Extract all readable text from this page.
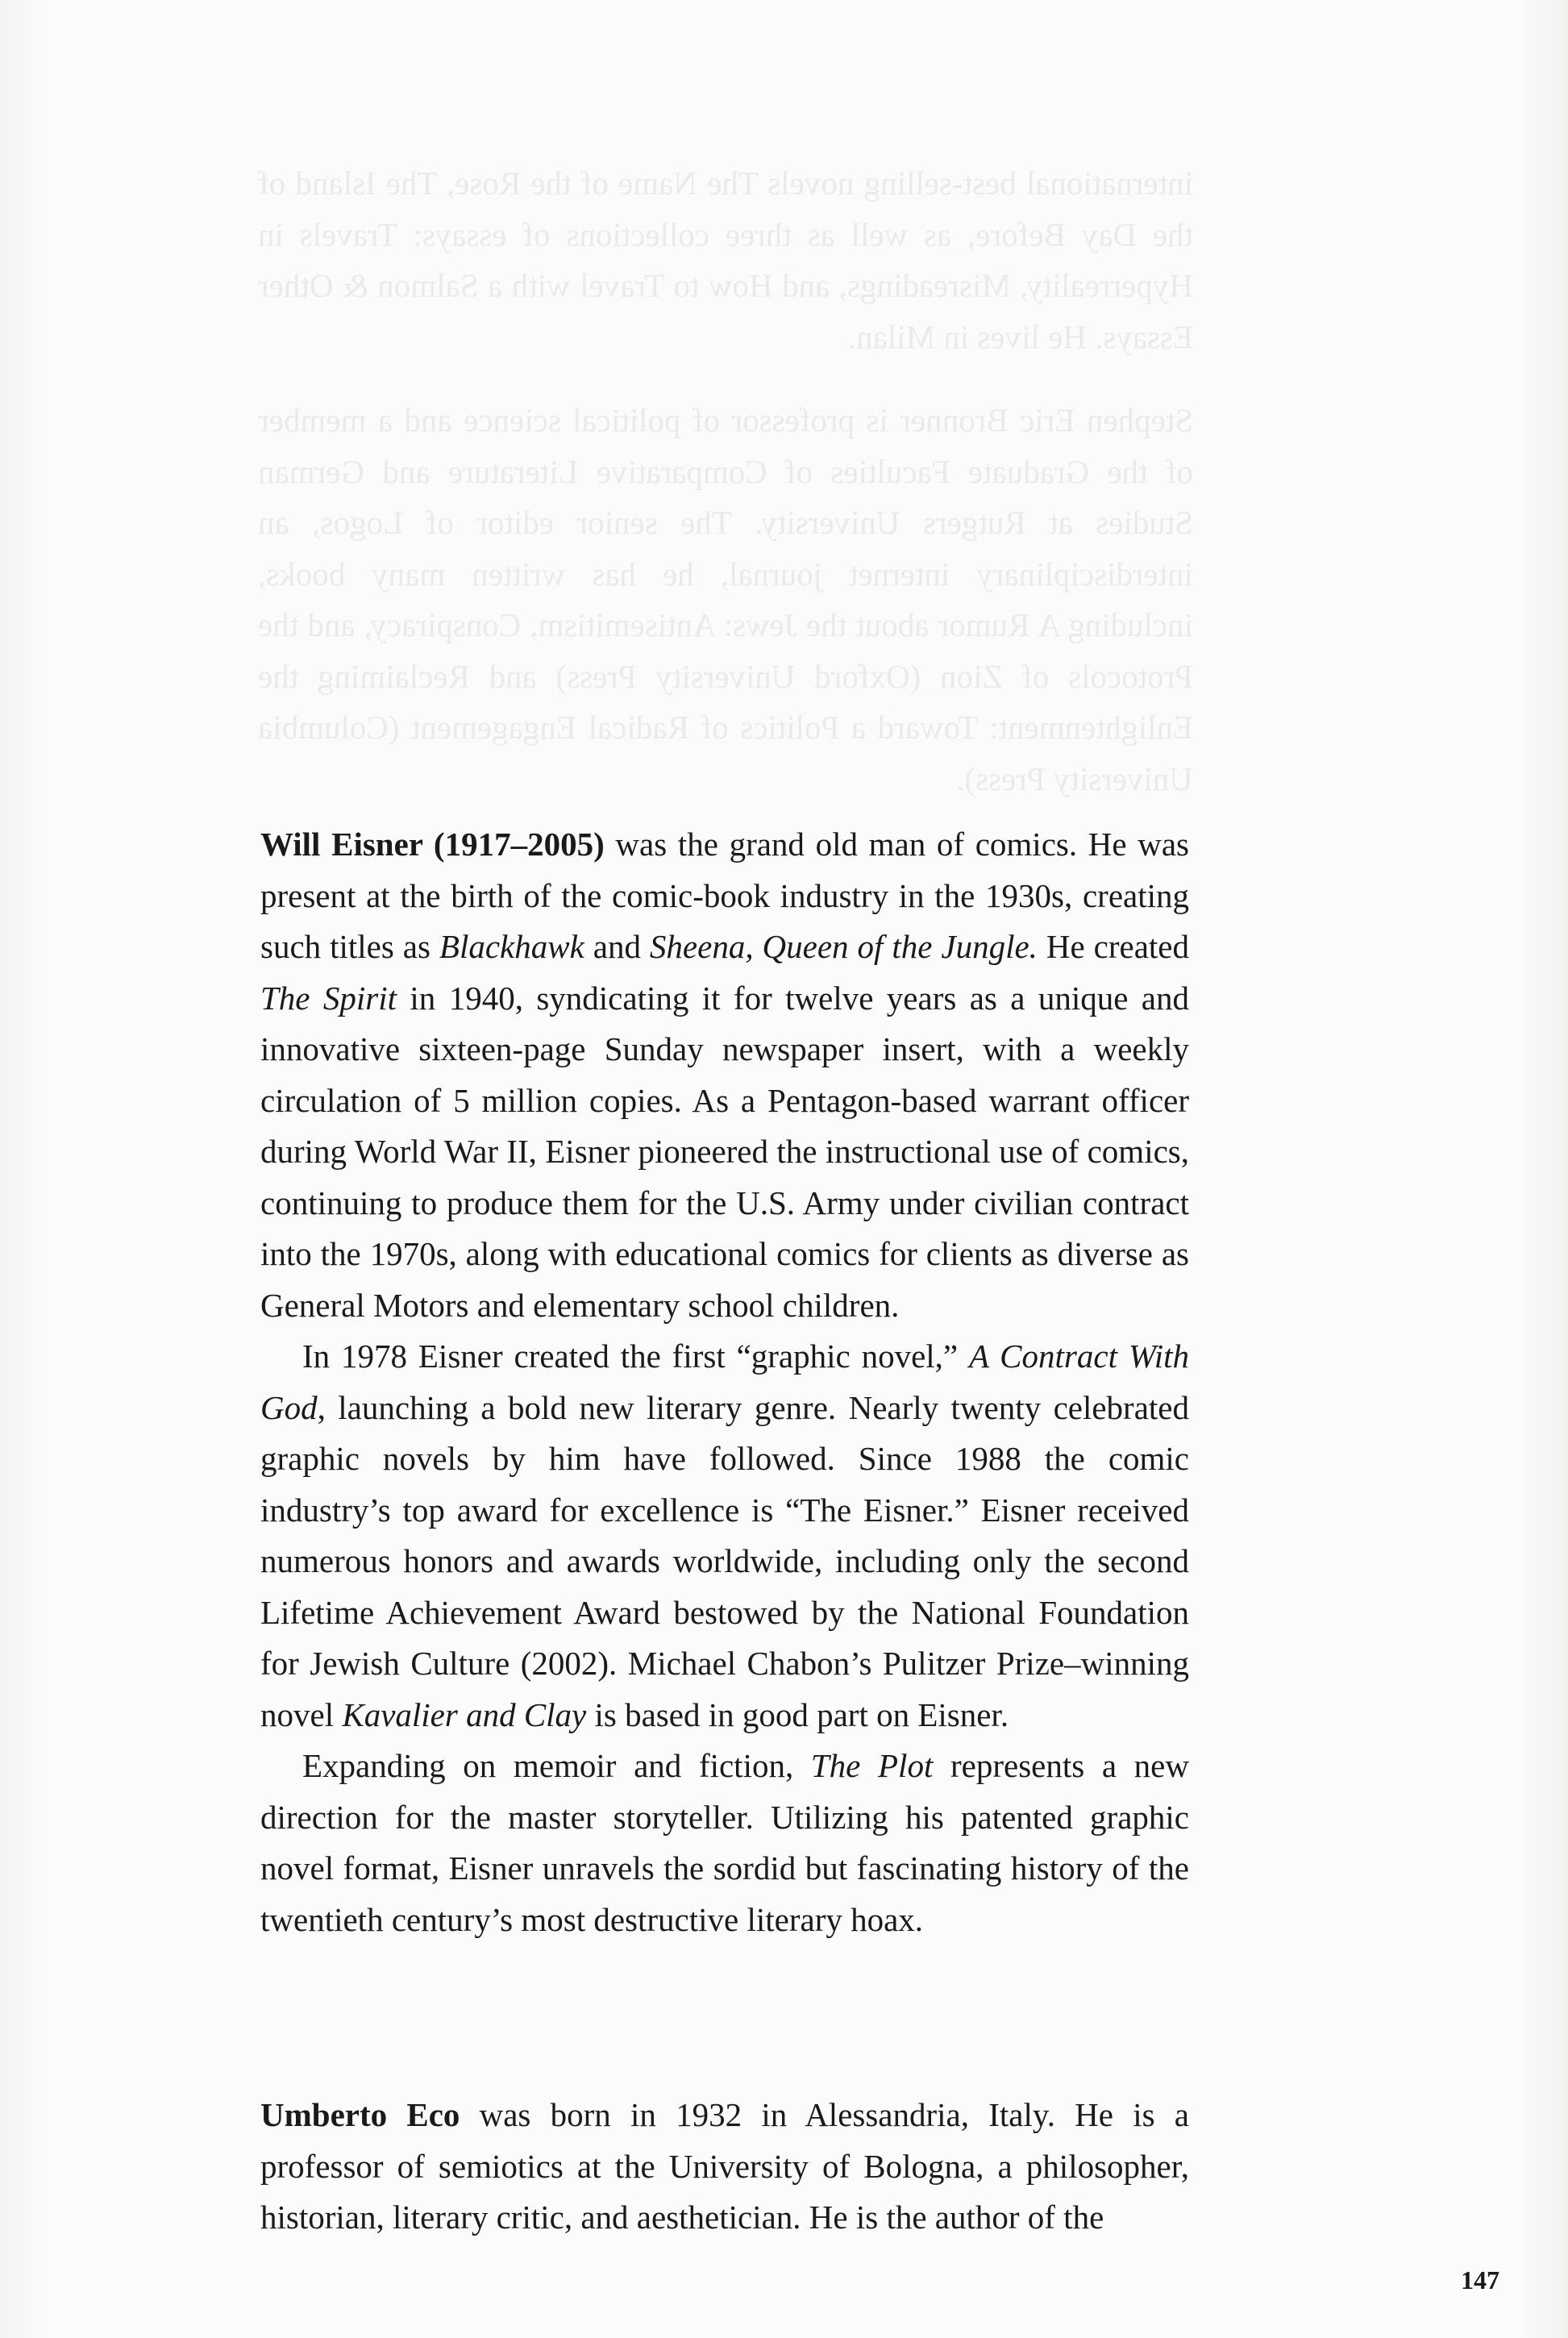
international best-selling novels The Name of the Rose, The Island of the Day Before, as well as three collections of essays: Travels in Hyperreality, Misreadings, and How to Travel with a Salmon & Other Essays. He lives in Milan.

Stephen Eric Bronner is professor of political science and a member of the Graduate Faculties of Comparative Literature and German Studies at Rutgers University. The senior editor of Logos, an interdisciplinary internet journal, he has written many books, including A Rumor about the Jews: Antisemitism, Conspiracy, and the Protocols of Zion (Oxford University Press) and Reclaiming the Enlightenment: Toward a Politics of Radical Engagement (Columbia University Press).

Will Eisner (1917–2005) was the grand old man of comics. He was present at the birth of the comic-book industry in the 1930s, creating such titles as Blackhawk and Sheena, Queen of the Jungle. He created The Spirit in 1940, syndicating it for twelve years as a unique and innovative sixteen-page Sunday newspaper insert, with a weekly circulation of 5 million copies. As a Pentagon-based warrant officer during World War II, Eisner pioneered the instructional use of comics, continuing to produce them for the U.S. Army under civilian contract into the 1970s, along with educational comics for clients as diverse as General Motors and elementary school children.

In 1978 Eisner created the first “graphic novel,” A Contract With God, launching a bold new literary genre. Nearly twenty celebrated graphic novels by him have followed. Since 1988 the comic industry’s top award for excellence is “The Eisner.” Eisner received numerous honors and awards worldwide, including only the second Lifetime Achievement Award bestowed by the National Foundation for Jewish Culture (2002). Michael Chabon’s Pulitzer Prize–winning novel Kavalier and Clay is based in good part on Eisner.

Expanding on memoir and fiction, The Plot represents a new direction for the master storyteller. Utilizing his patented graphic novel format, Eisner unravels the sordid but fascinating history of the twentieth century’s most destructive literary hoax.

Umberto Eco was born in 1932 in Alessandria, Italy. He is a professor of semiotics at the University of Bologna, a philosopher, historian, literary critic, and aesthetician. He is the author of the

147
